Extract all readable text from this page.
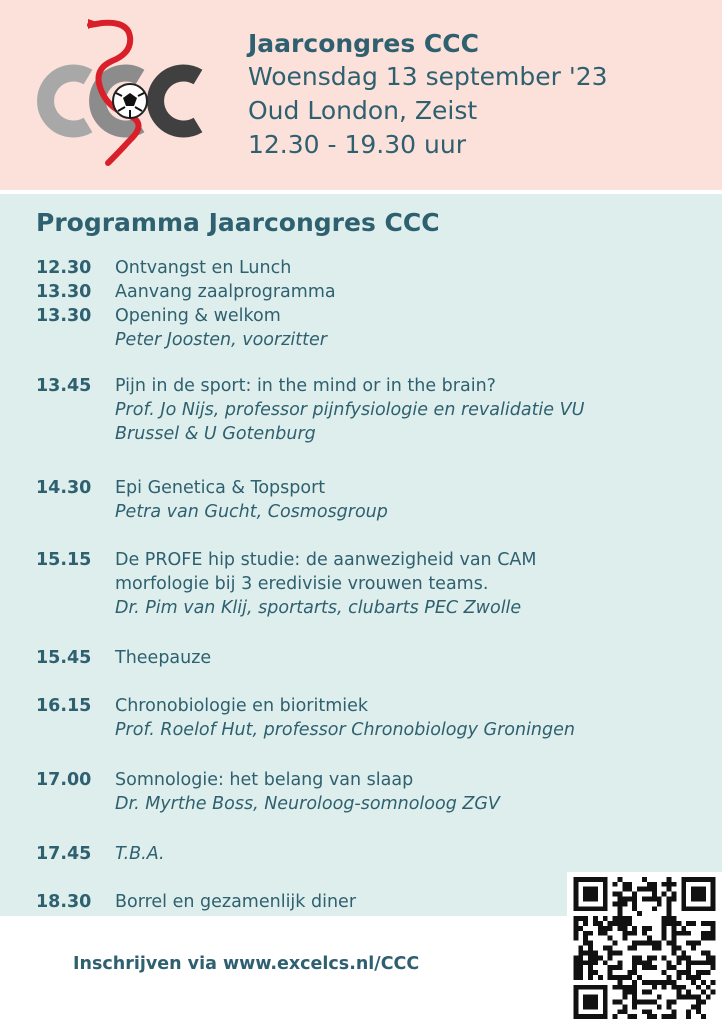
Jaarcongres CCC
Woensdag 13 september '23
Oud London, Zeist
12.30 - 19.30 uur
Programma Jaarcongres CCC
12.30 Ontvangst en Lunch
13.30 Aanvang zaalprogramma
13.30 Opening & welkom
Peter Joosten, voorzitter
13.45 Pijn in de sport: in the mind or in the brain?
Prof. Jo Nijs, professor pijnfysiologie en revalidatie VU
Brussel & U Gotenburg
14.30 Epi Genetica & Topsport
Petra van Gucht, Cosmosgroup
15.15 De PROFE hip studie: de aanwezigheid van CAM
morfologie bij 3 eredivisie vrouwen teams.
Dr. Pim van Klij, sportarts, clubarts PEC Zwolle
15.45 Theepauze
16.15 Chronobiologie en bioritmiek
Prof. Roelof Hut, professor Chronobiology Groningen
17.00 Somnologie: het belang van slaap
Dr. Myrthe Boss, Neuroloog-somnoloog ZGV
17.45 T.B.A.
18.30 Borrel en gezamenlijk diner
Inschrijven via www.excelcs.nl/CCC
